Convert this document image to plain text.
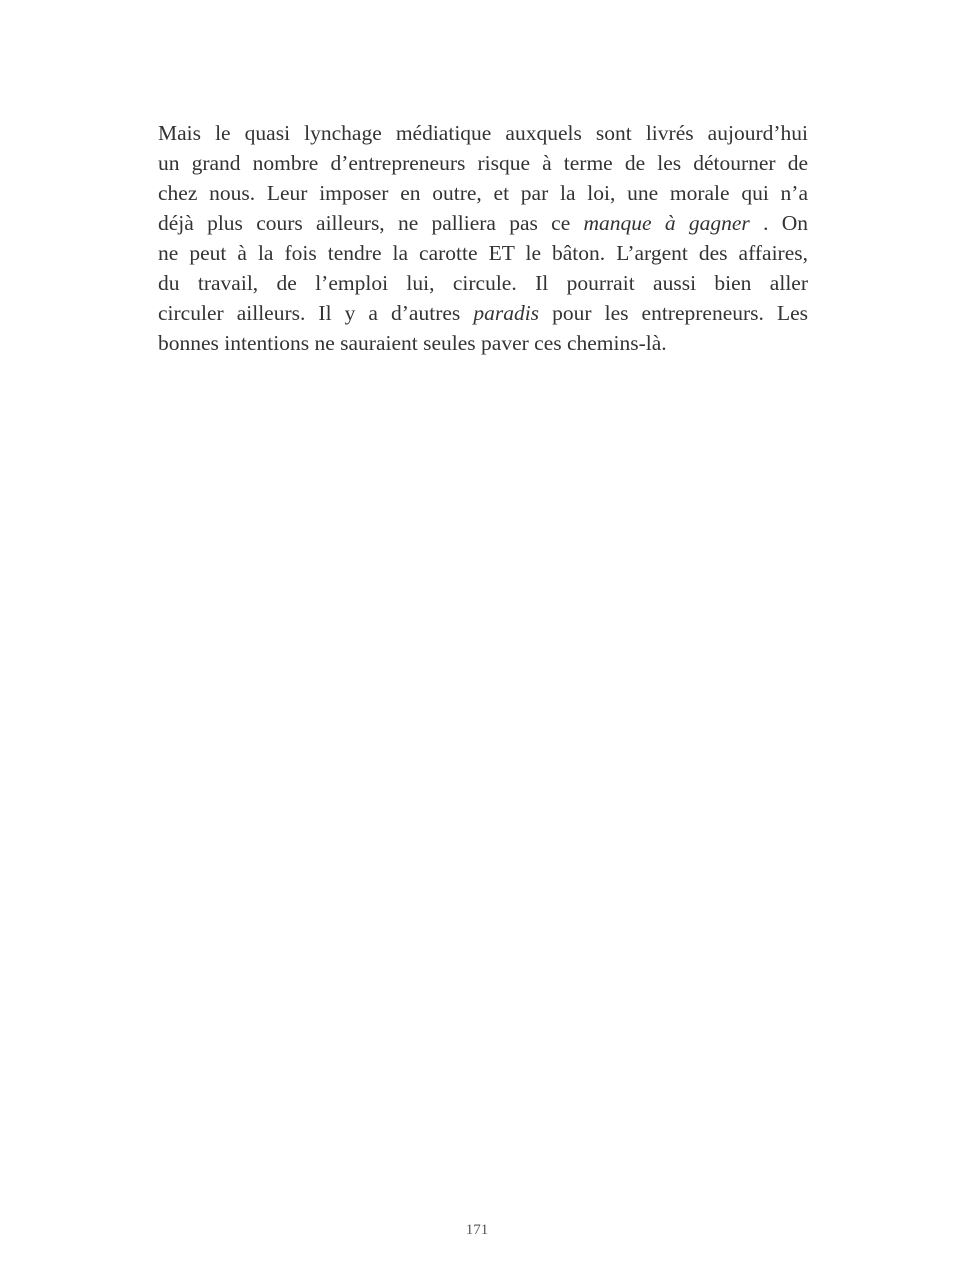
Mais le quasi lynchage médiatique auxquels sont livrés aujourd’hui
un grand nombre d’entrepreneurs risque à terme de les détourner de
chez nous. Leur imposer en outre, et par la loi, une morale qui n’a
déjà plus cours ailleurs, ne palliera pas ce manque à gagner . On
ne peut à la fois tendre la carotte ET le bâton. L’argent des affaires,
du travail, de l’emploi lui, circule. Il pourrait aussi bien aller
circuler ailleurs. Il y a d’autres paradis pour les entrepreneurs. Les
bonnes intentions ne sauraient seules paver ces chemins-là.

171
